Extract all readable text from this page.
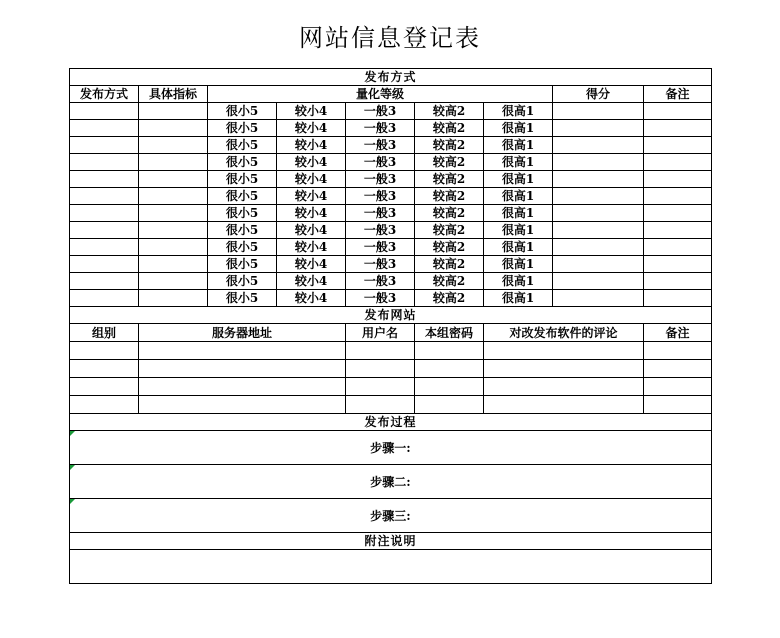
网站信息登记表
发布方式								
发布方式	具体指标	量化等级					得分	备注
		很小5	较小4	一般3	较高2	很高1		
		很小5	较小4	一般3	较高2	很高1		
		很小5	较小4	一般3	较高2	很高1		
		很小5	较小4	一般3	较高2	很高1		
		很小5	较小4	一般3	较高2	很高1		
		很小5	较小4	一般3	较高2	很高1		
		很小5	较小4	一般3	较高2	很高1		
		很小5	较小4	一般3	较高2	很高1		
		很小5	较小4	一般3	较高2	很高1		
		很小5	较小4	一般3	较高2	很高1		
		很小5	较小4	一般3	较高2	很高1		
		很小5	较小4	一般3	较高2	很高1		
发布网站								
组别	服务器地址			用户名	本组密码	对改发布软件的评论		备注

发布过程								

步骤一:								

步骤二:								

步骤三:								
附注说明								
